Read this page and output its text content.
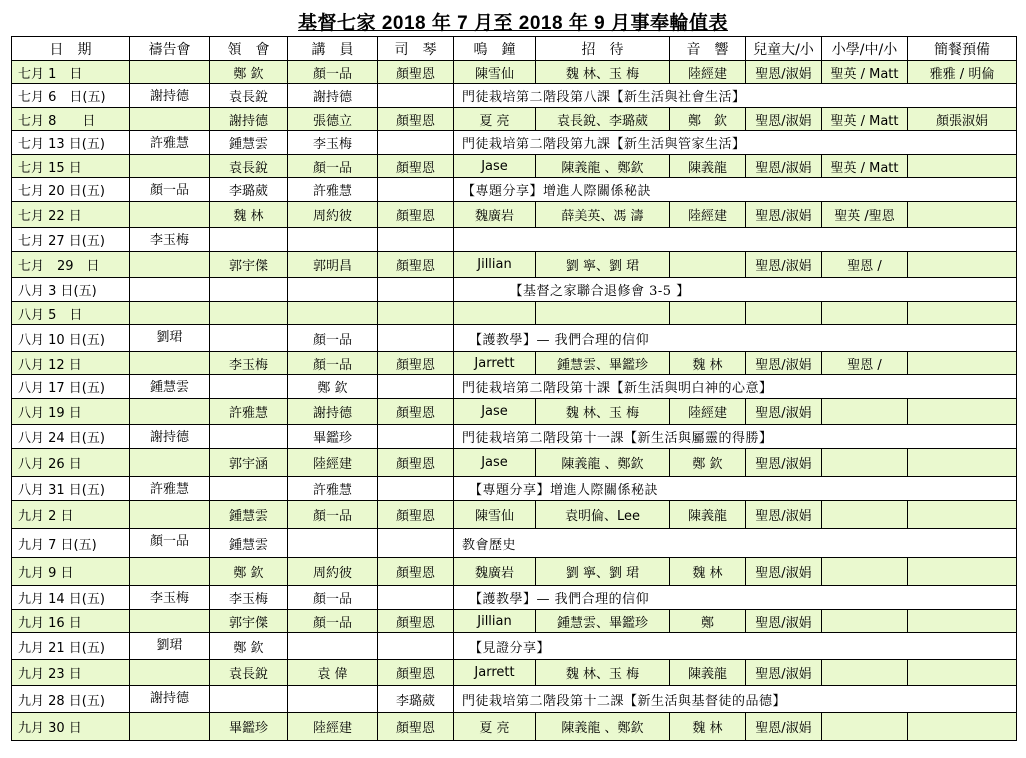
基督七家 2018 年 7 月至 2018 年 9 月事奉輪值表
日　期	禱告會	領　會	講　員	司　琴	鳴　鐘	招　待	音　響	兒童大/小	小學/中/小	簡餐預備
七月 1　日		鄭 欽	顏一品	顏聖恩	陳雪仙	魏 林、玉 梅	陸經建	聖恩/淑娟	聖英 / Matt	雅雅 / 明倫
七月 6　日(五)	謝持德	袁長銳	謝持德		門徒栽培第二階段第八課【新生活與社會生活】					
七月 8　　日		謝持德	張德立	顏聖恩	夏 亮	袁長銳、李璐葳	鄭　欽	聖恩/淑娟	聖英 / Matt	顏張淑娟
七月 13 日(五)	許雅慧	鍾慧雲	李玉梅		門徒栽培第二階段第九課【新生活與管家生活】					
七月 15 日		袁長銳	顏一品	顏聖恩	Jase	陳義龍 、鄭欽	陳義龍	聖恩/淑娟	聖英 / Matt	
七月 20 日(五)	顏一品	李璐葳	許雅慧		【專題分享】增進人際關係秘訣					
七月 22 日		魏 林	周約彼	顏聖恩	魏廣岩	薛美英、馮 濤	陸經建	聖恩/淑娟	聖英 /聖恩	
七月 27 日(五)	李玉梅									
七月　29　日		郭宇傑	郭明昌	顏聖恩	Jillian	劉 寧、劉 珺		聖恩/淑娟	聖恩 /	
八月 3 日(五)					　　　　【基督之家聯合退修會 3-5 】					
八月 5　日										
八月 10 日(五)	劉珺		顏一品		　【護教學】— 我們合理的信仰					
八月 12 日		李玉梅	顏一品	顏聖恩	Jarrett	鍾慧雲、畢鑑珍	魏 林	聖恩/淑娟	聖恩 /	
八月 17 日(五)	鍾慧雲		鄭 欽		門徒栽培第二階段第十課【新生活與明白神的心意】					
八月 19 日		許雅慧	謝持德	顏聖恩	Jase	魏 林、玉 梅	陸經建	聖恩/淑娟		
八月 24 日(五)	謝持德		畢鑑珍		門徒栽培第二階段第十一課【新生活與屬靈的得勝】					
八月 26 日		郭宇涵	陸經建	顏聖恩	Jase	陳義龍 、鄭欽	鄭 欽	聖恩/淑娟		
八月 31 日(五)	許雅慧		許雅慧		　【專題分享】增進人際關係秘訣					
九月 2 日		鍾慧雲	顏一品	顏聖恩	陳雪仙	袁明倫、Lee	陳義龍	聖恩/淑娟		
九月 7 日(五)	顏一品	鍾慧雲			教會歷史					
九月 9 日		鄭 欽	周約彼	顏聖恩	魏廣岩	劉 寧、劉 珺	魏 林	聖恩/淑娟		
九月 14 日(五)	李玉梅	李玉梅	顏一品		　【護教學】— 我們合理的信仰					
九月 16 日		郭宇傑	顏一品	顏聖恩	Jillian	鍾慧雲、畢鑑珍	鄭	聖恩/淑娟		
九月 21 日(五)	劉珺	鄭 欽			　【見證分享】					
九月 23 日		袁長銳	袁 偉	顏聖恩	Jarrett	魏 林、玉 梅	陳義龍	聖恩/淑娟		
九月 28 日(五)	謝持德			李璐葳	門徒栽培第二階段第十二課【新生活與基督徒的品德】					
九月 30 日		畢鑑珍	陸經建	顏聖恩	夏 亮	陳義龍 、鄭欽	魏 林	聖恩/淑娟		
